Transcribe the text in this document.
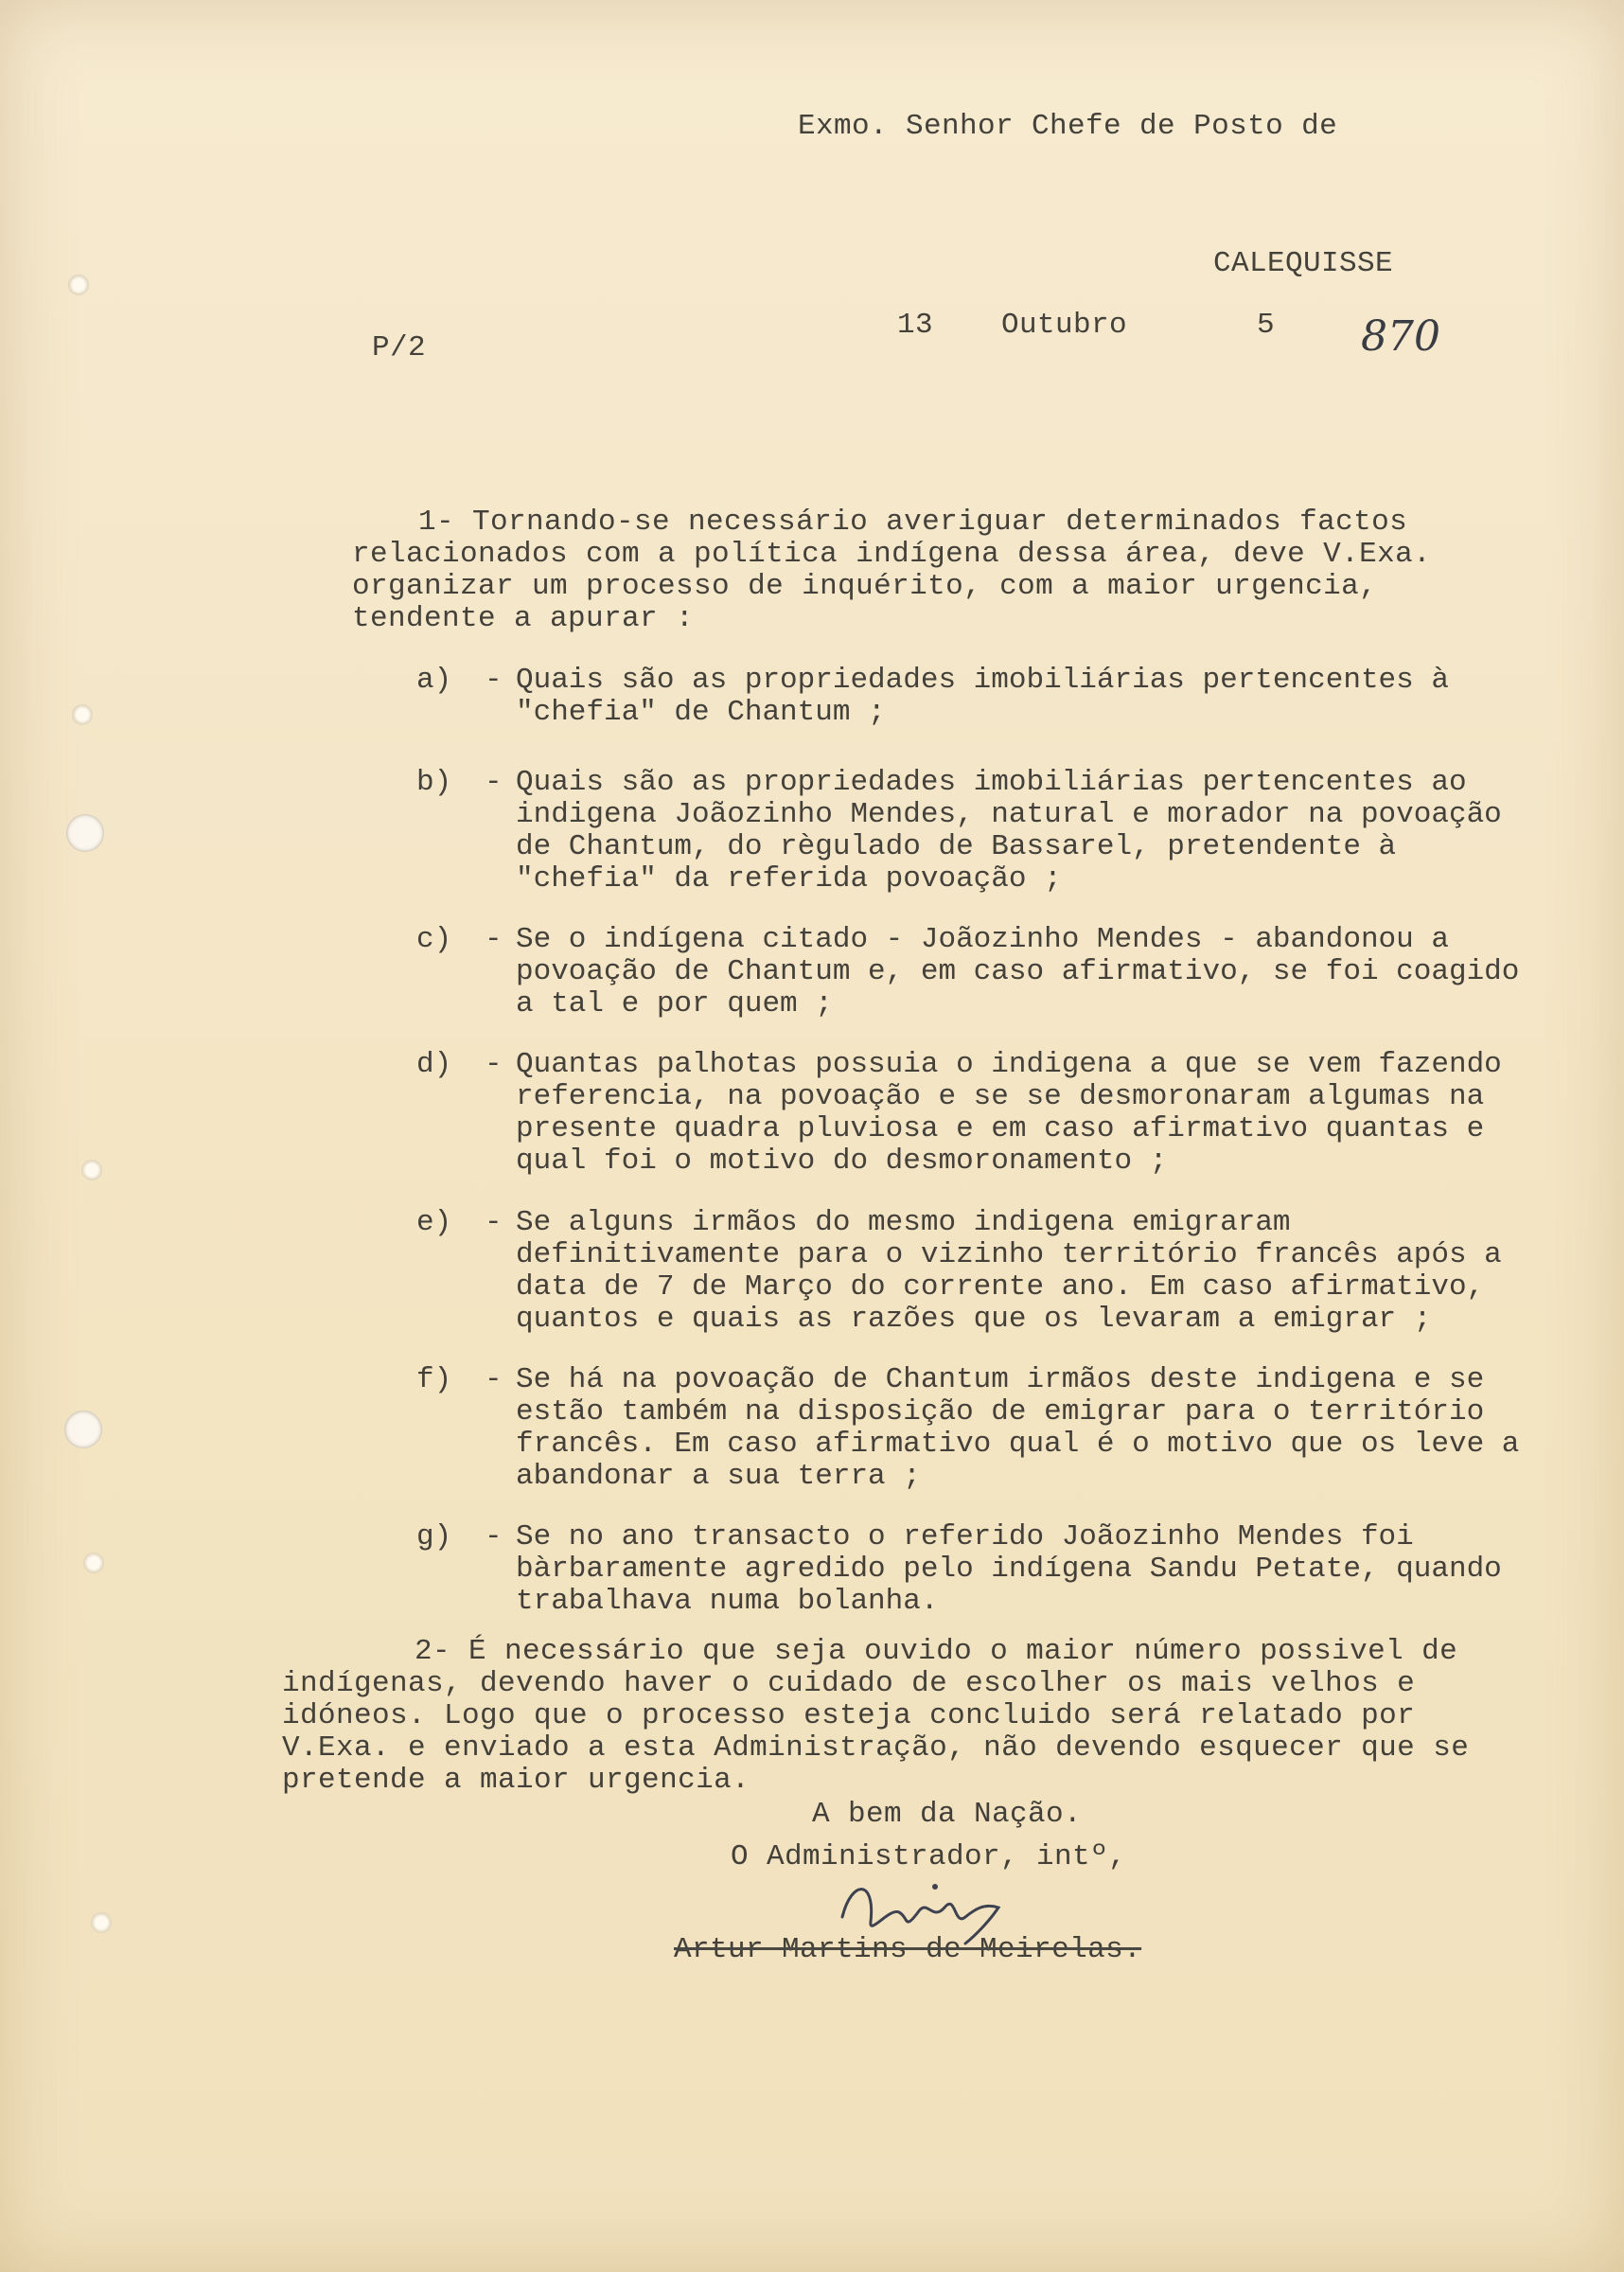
Exmo. Senhor Chefe de Posto de
CALEQUISSE
P/2
13 Outubro	5 870
1- Tornando-se necessário averiguar determinados factos relacionados com a política indígena dessa área, deve V.Exa. organizar um processo de inquérito, com a maior urgencia, tendente a apurar :
a) - Quais são as propriedades imobiliárias pertencentes à "chefia" de Chantum ;
b) - Quais são as propriedades imobiliárias pertencentes ao indigena Joãozinho Mendes, natural e morador na povoação de Chantum, do règulado de Bassarel, pretendente à "chefia" da referida povoação ;
c) - Se o indígena citado - Joãozinho Mendes - abandonou a povoação de Chantum e, em caso afirmativo, se foi coagido a tal e por quem ;
d) - Quantas palhotas possuia o indigena a que se vem fazendo referencia, na povoação e se se desmoronaram algumas na presente quadra pluviosa e em caso afirmativo quantas e qual foi o motivo do desmoronamento ;
e) - Se alguns irmãos do mesmo indigena emigraram definitivamente para o vizinho território francês após a data de 7 de Março do corrente ano. Em caso afirmativo, quantos e quais as razões que os levaram a emigrar ;
f) - Se há na povoação de Chantum irmãos deste indigena e se estão também na disposição de emigrar para o território francês. Em caso afirmativo qual é o motivo que os leve a abandonar a sua terra ;
g) - Se no ano transacto o referido Joãozinho Mendes foi bàrbaramente agredido pelo indígena Sandu Petate, quando trabalhava numa bolanha.
2- É necessário que seja ouvido o maior número possivel de indígenas, devendo haver o cuidado de escolher os mais velhos e idóneos. Logo que o processo esteja concluido será relatado por V.Exa. e enviado a esta Administração, não devendo esquecer que se pretende a maior urgencia.
A bem da Nação.
O Administrador, intº,
Artur Martins de Meirelas.
